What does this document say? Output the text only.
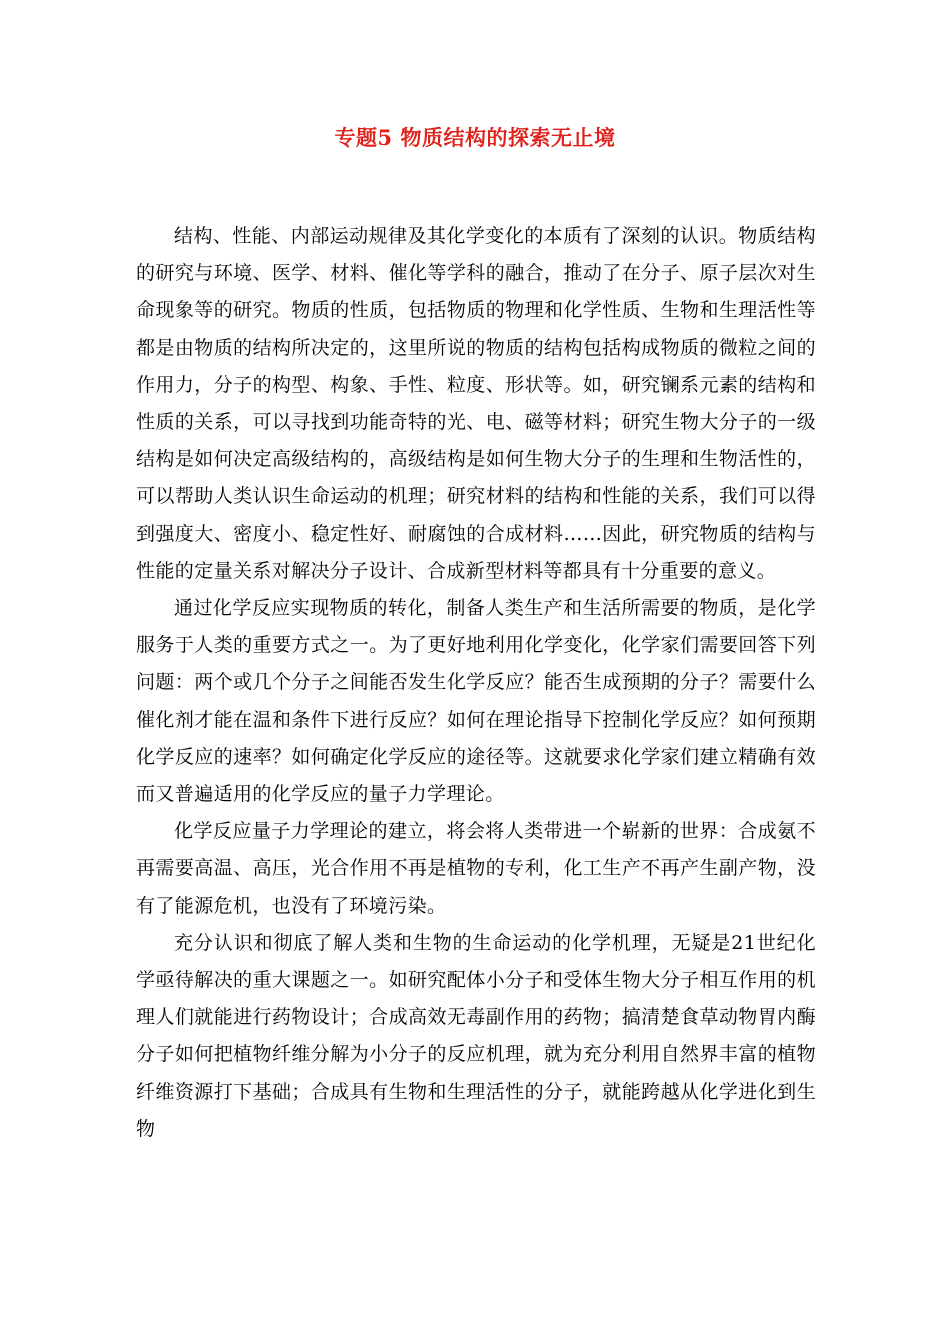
专题5 物质结构的探索无止境

结构、性能、内部运动规律及其化学变化的本质有了深刻的认识。物质结构的研究与环境、医学、材料、催化等学科的融合，推动了在分子、原子层次对生命现象等的研究。物质的性质，包括物质的物理和化学性质、生物和生理活性等都是由物质的结构所决定的，这里所说的物质的结构包括构成物质的微粒之间的作用力，分子的构型、构象、手性、粒度、形状等。如，研究镧系元素的结构和性质的关系，可以寻找到功能奇特的光、电、磁等材料；研究生物大分子的一级结构是如何决定高级结构的，高级结构是如何生物大分子的生理和生物活性的，可以帮助人类认识生命运动的机理；研究材料的结构和性能的关系，我们可以得到强度大、密度小、稳定性好、耐腐蚀的合成材料……因此，研究物质的结构与性能的定量关系对解决分子设计、合成新型材料等都具有十分重要的意义。

通过化学反应实现物质的转化，制备人类生产和生活所需要的物质，是化学服务于人类的重要方式之一。为了更好地利用化学变化，化学家们需要回答下列问题：两个或几个分子之间能否发生化学反应？能否生成预期的分子？需要什么催化剂才能在温和条件下进行反应？如何在理论指导下控制化学反应？如何预期化学反应的速率？如何确定化学反应的途径等。这就要求化学家们建立精确有效而又普遍适用的化学反应的量子力学理论。

化学反应量子力学理论的建立，将会将人类带进一个崭新的世界：合成氨不再需要高温、高压，光合作用不再是植物的专利，化工生产不再产生副产物，没有了能源危机，也没有了环境污染。

充分认识和彻底了解人类和生物的生命运动的化学机理，无疑是21世纪化学亟待解决的重大课题之一。如研究配体小分子和受体生物大分子相互作用的机理人们就能进行药物设计；合成高效无毒副作用的药物；搞清楚食草动物胃内酶分子如何把植物纤维分解为小分子的反应机理，就为充分利用自然界丰富的植物纤维资源打下基础；合成具有生物和生理活性的分子，就能跨越从化学进化到生物
